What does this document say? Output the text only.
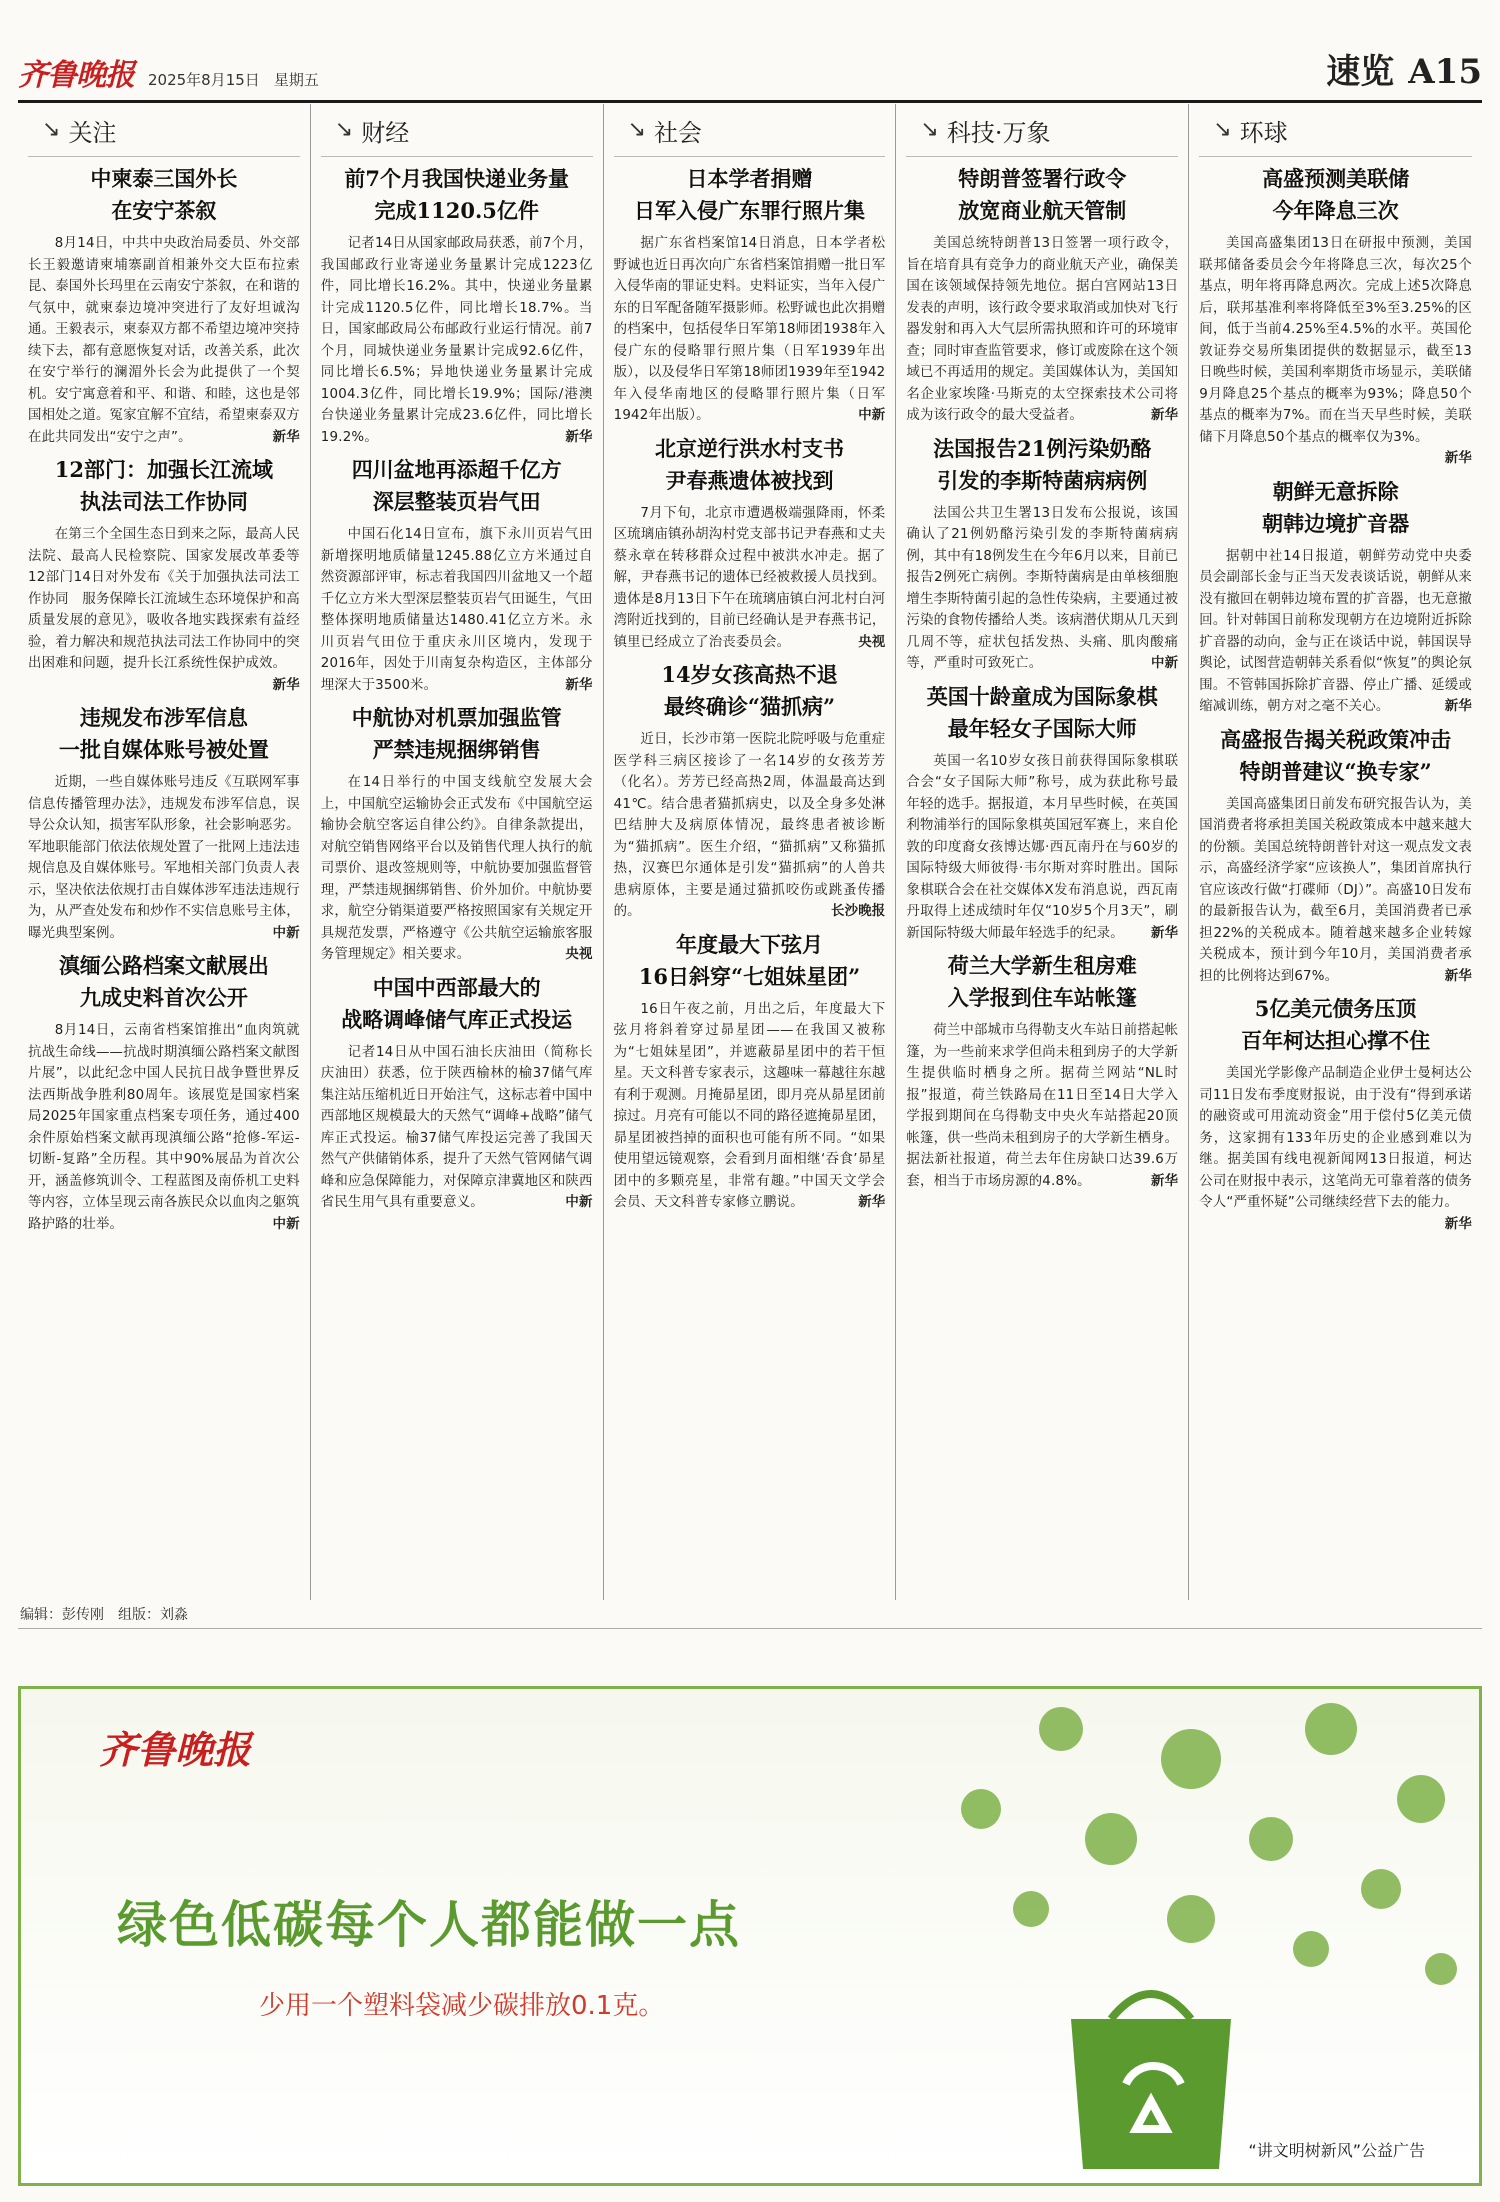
齐鲁晚报 2025年8月15日 星期五	速览 A15
↘ 关注
中柬泰三国外长
在安宁茶叙

8月14日，中共中央政治局委员、外交部长王毅邀请柬埔寨副首相兼外交大臣布拉索昆、泰国外长玛里在云南安宁茶叙，在和谐的气氛中，就柬泰边境冲突进行了友好坦诚沟通。王毅表示，柬泰双方都不希望边境冲突持续下去，都有意愿恢复对话，改善关系，此次在安宁举行的澜湄外长会为此提供了一个契机。安宁寓意着和平、和谐、和睦，这也是邻国相处之道。冤家宜解不宜结，希望柬泰双方在此共同发出“安宁之声”。	新华

12部门：加强长江流域
执法司法工作协同

在第三个全国生态日到来之际，最高人民法院、最高人民检察院、国家发展改革委等12部门14日对外发布《关于加强执法司法工作协同　服务保障长江流域生态环境保护和高质量发展的意见》，吸收各地实践探索有益经验，着力解决和规范执法司法工作协同中的突出困难和问题，提升长江系统性保护成效。
新华

违规发布涉军信息
一批自媒体账号被处置

近期，一些自媒体账号违反《互联网军事信息传播管理办法》，违规发布涉军信息，误导公众认知，损害军队形象，社会影响恶劣。军地职能部门依法依规处置了一批网上违法违规信息及自媒体账号。军地相关部门负责人表示，坚决依法依规打击自媒体涉军违法违规行为，从严查处发布和炒作不实信息账号主体，曝光典型案例。	中新

滇缅公路档案文献展出
九成史料首次公开

8月14日，云南省档案馆推出“血肉筑就抗战生命线——抗战时期滇缅公路档案文献图片展”，以此纪念中国人民抗日战争暨世界反法西斯战争胜利80周年。该展览是国家档案局2025年国家重点档案专项任务，通过400余件原始档案文献再现滇缅公路“抢修-军运-切断-复路”全历程。其中90%展品为首次公开，涵盖修筑训令、工程蓝图及南侨机工史料等内容，立体呈现云南各族民众以血肉之躯筑路护路的壮举。	中新

↘ 财经
前7个月我国快递业务量
完成1120.5亿件

记者14日从国家邮政局获悉，前7个月，我国邮政行业寄递业务量累计完成1223亿件，同比增长16.2%。其中，快递业务量累计完成1120.5亿件，同比增长18.7%。当日，国家邮政局公布邮政行业运行情况。前7个月，同城快递业务量累计完成92.6亿件，同比增长6.5%；异地快递业务量累计完成1004.3亿件，同比增长19.9%；国际/港澳台快递业务量累计完成23.6亿件，同比增长19.2%。	新华

四川盆地再添超千亿方
深层整装页岩气田

中国石化14日宣布，旗下永川页岩气田新增探明地质储量1245.88亿立方米通过自然资源部评审，标志着我国四川盆地又一个超千亿立方米大型深层整装页岩气田诞生，气田整体探明地质储量达1480.41亿立方米。永川页岩气田位于重庆永川区境内，发现于2016年，因处于川南复杂构造区，主体部分埋深大于3500米。	新华

中航协对机票加强监管
严禁违规捆绑销售

在14日举行的中国支线航空发展大会上，中国航空运输协会正式发布《中国航空运输协会航空客运自律公约》。自律条款提出，对航空销售网络平台以及销售代理人执行的航司票价、退改签规则等，中航协要加强监督管理，严禁违规捆绑销售、价外加价。中航协要求，航空分销渠道要严格按照国家有关规定开具规范发票，严格遵守《公共航空运输旅客服务管理规定》相关要求。	央视

中国中西部最大的
战略调峰储气库正式投运

记者14日从中国石油长庆油田（简称长庆油田）获悉，位于陕西榆林的榆37储气库集注站压缩机近日开始注气，这标志着中国中西部地区规模最大的天然气“调峰+战略”储气库正式投运。榆37储气库投运完善了我国天然气产供储销体系，提升了天然气管网储气调峰和应急保障能力，对保障京津冀地区和陕西省民生用气具有重要意义。	中新

↘ 社会
日本学者捐赠
日军入侵广东罪行照片集

据广东省档案馆14日消息，日本学者松野诚也近日再次向广东省档案馆捐赠一批日军入侵华南的罪证史料。史料证实，当年入侵广东的日军配备随军摄影师。松野诚也此次捐赠的档案中，包括侵华日军第18师团1938年入侵广东的侵略罪行照片集（日军1939年出版），以及侵华日军第18师团1939年至1942年入侵华南地区的侵略罪行照片集（日军1942年出版）。	中新

北京逆行洪水村支书
尹春燕遗体被找到

7月下旬，北京市遭遇极端强降雨，怀柔区琉璃庙镇孙胡沟村党支部书记尹春燕和丈夫蔡永章在转移群众过程中被洪水冲走。据了解，尹春燕书记的遗体已经被救援人员找到。遗体是8月13日下午在琉璃庙镇白河北村白河湾附近找到的，目前已经确认是尹春燕书记，镇里已经成立了治丧委员会。	央视

14岁女孩高热不退
最终确诊“猫抓病”

近日，长沙市第一医院北院呼吸与危重症医学科三病区接诊了一名14岁的女孩芳芳（化名）。芳芳已经高热2周，体温最高达到41℃。结合患者猫抓病史，以及全身多处淋巴结肿大及病原体情况，最终患者被诊断为“猫抓病”。医生介绍，“猫抓病”又称猫抓热，汉赛巴尔通体是引发“猫抓病”的人兽共患病原体，主要是通过猫抓咬伤或跳蚤传播的。	长沙晚报

年度最大下弦月
16日斜穿“七姐妹星团”

16日午夜之前，月出之后，年度最大下弦月将斜着穿过昴星团——在我国又被称为“七姐妹星团”，并遮蔽昴星团中的若干恒星。天文科普专家表示，这趣味一幕越往东越有利于观测。月掩昴星团，即月亮从昴星团前掠过。月亮有可能以不同的路径遮掩昴星团，昴星团被挡掉的面积也可能有所不同。“如果使用望远镜观察，会看到月面相继‘吞食’昴星团中的多颗亮星，非常有趣。”中国天文学会会员、天文科普专家修立鹏说。	新华

↘ 科技·万象
特朗普签署行政令
放宽商业航天管制

美国总统特朗普13日签署一项行政令，旨在培育具有竞争力的商业航天产业，确保美国在该领域保持领先地位。据白宫网站13日发表的声明，该行政令要求取消或加快对飞行器发射和再入大气层所需执照和许可的环境审查；同时审查监管要求，修订或废除在这个领域已不再适用的规定。美国媒体认为，美国知名企业家埃隆·马斯克的太空探索技术公司将成为该行政令的最大受益者。	新华

法国报告21例污染奶酪
引发的李斯特菌病病例

法国公共卫生署13日发布公报说，该国确认了21例奶酪污染引发的李斯特菌病病例，其中有18例发生在今年6月以来，目前已报告2例死亡病例。李斯特菌病是由单核细胞增生李斯特菌引起的急性传染病，主要通过被污染的食物传播给人类。该病潜伏期从几天到几周不等，症状包括发热、头痛、肌肉酸痛等，严重时可致死亡。	中新

英国十龄童成为国际象棋
最年轻女子国际大师

英国一名10岁女孩日前获得国际象棋联合会“女子国际大师”称号，成为获此称号最年轻的选手。据报道，本月早些时候，在英国利物浦举行的国际象棋英国冠军赛上，来自伦敦的印度裔女孩博达娜·西瓦南丹在与60岁的国际特级大师彼得·韦尔斯对弈时胜出。国际象棋联合会在社交媒体X发布消息说，西瓦南丹取得上述成绩时年仅“10岁5个月3天”，刷新国际特级大师最年轻选手的纪录。	新华

荷兰大学新生租房难
入学报到住车站帐篷

荷兰中部城市乌得勒支火车站日前搭起帐篷，为一些前来求学但尚未租到房子的大学新生提供临时栖身之所。据荷兰网站“NL时报”报道，荷兰铁路局在11日至14日大学入学报到期间在乌得勒支中央火车站搭起20顶帐篷，供一些尚未租到房子的大学新生栖身。据法新社报道，荷兰去年住房缺口达39.6万套，相当于市场房源的4.8%。	新华

↘ 环球
高盛预测美联储
今年降息三次

美国高盛集团13日在研报中预测，美国联邦储备委员会今年将降息三次，每次25个基点，明年将再降息两次。完成上述5次降息后，联邦基准利率将降低至3%至3.25%的区间，低于当前4.25%至4.5%的水平。英国伦敦证券交易所集团提供的数据显示，截至13日晚些时候，美国利率期货市场显示，美联储9月降息25个基点的概率为93%；降息50个基点的概率为7%。而在当天早些时候，美联储下月降息50个基点的概率仅为3%。
新华

朝鲜无意拆除
朝韩边境扩音器

据朝中社14日报道，朝鲜劳动党中央委员会副部长金与正当天发表谈话说，朝鲜从来没有撤回在朝韩边境布置的扩音器，也无意撤回。针对韩国日前称发现朝方在边境附近拆除扩音器的动向，金与正在谈话中说，韩国误导舆论，试图营造朝韩关系看似“恢复”的舆论氛围。不管韩国拆除扩音器、停止广播、延缓或缩减训练，朝方对之毫不关心。	新华

高盛报告揭关税政策冲击
特朗普建议“换专家”

美国高盛集团日前发布研究报告认为，美国消费者将承担美国关税政策成本中越来越大的份额。美国总统特朗普针对这一观点发文表示，高盛经济学家“应该换人”，集团首席执行官应该改行做“打碟师（DJ）”。高盛10日发布的最新报告认为，截至6月，美国消费者已承担22%的关税成本。随着越来越多企业转嫁关税成本，预计到今年10月，美国消费者承担的比例将达到67%。	新华

5亿美元债务压顶
百年柯达担心撑不住

美国光学影像产品制造企业伊士曼柯达公司11日发布季度财报说，由于没有“得到承诺的融资或可用流动资金”用于偿付5亿美元债务，这家拥有133年历史的企业感到难以为继。据美国有线电视新闻网13日报道，柯达公司在财报中表示，这笔尚无可靠着落的债务令人“严重怀疑”公司继续经营下去的能力。
新华

编辑：彭传刚 组版：刘淼
齐鲁晚报
绿色低碳每个人都能做一点
少用一个塑料袋减少碳排放0.1克。
“讲文明树新风”公益广告
